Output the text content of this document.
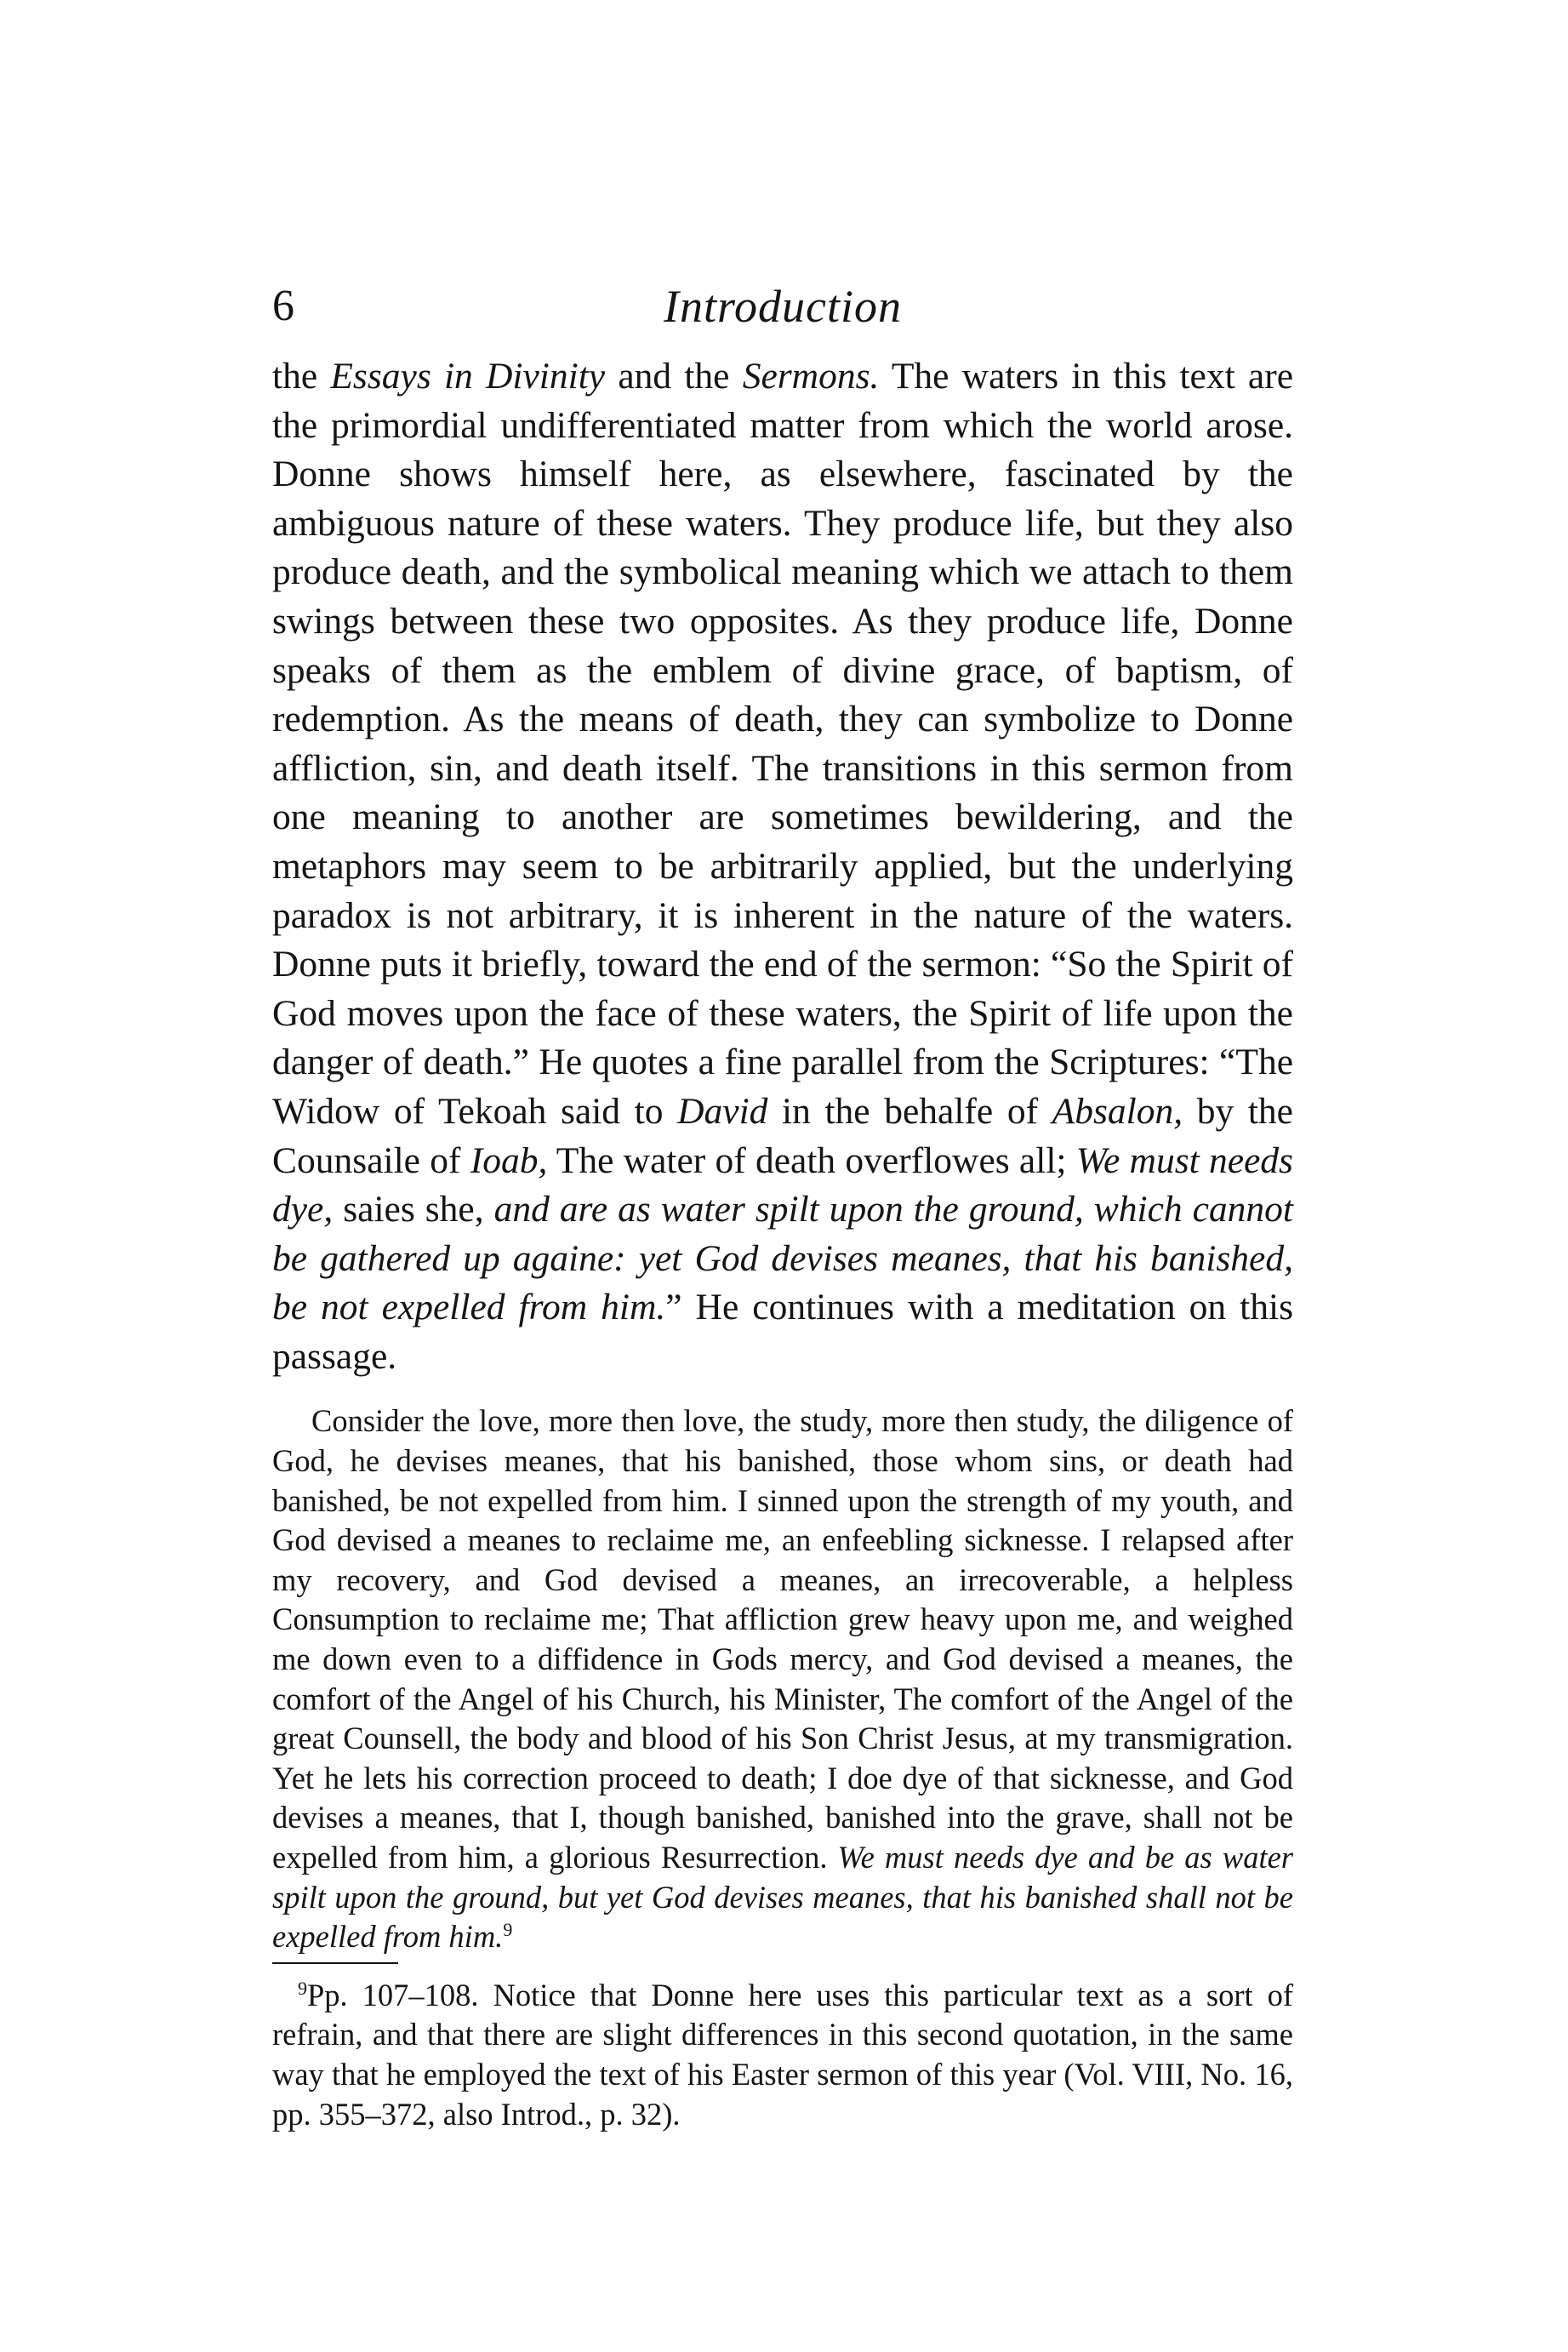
6	Introduction

the Essays in Divinity and the Sermons. The waters in this text are the primordial undifferentiated matter from which the world arose. Donne shows himself here, as elsewhere, fascinated by the ambiguous nature of these waters. They produce life, but they also produce death, and the symbolical meaning which we attach to them swings between these two opposites. As they produce life, Donne speaks of them as the emblem of divine grace, of baptism, of redemption. As the means of death, they can symbolize to Donne affliction, sin, and death itself. The transitions in this sermon from one meaning to another are sometimes bewildering, and the metaphors may seem to be arbitrarily applied, but the underlying paradox is not arbitrary, it is inherent in the nature of the waters. Donne puts it briefly, toward the end of the sermon: “So the Spirit of God moves upon the face of these waters, the Spirit of life upon the danger of death.” He quotes a fine parallel from the Scriptures: “The Widow of Tekoah said to David in the behalfe of Absalon, by the Counsaile of Ioab, The water of death overflowes all; We must needs dye, saies she, and are as water spilt upon the ground, which cannot be gathered up againe: yet God devises meanes, that his banished, be not expelled from him.” He continues with a meditation on this passage.

Consider the love, more then love, the study, more then study, the diligence of God, he devises meanes, that his banished, those whom sins, or death had banished, be not expelled from him. I sinned upon the strength of my youth, and God devised a meanes to reclaime me, an enfeebling sicknesse. I relapsed after my recovery, and God devised a meanes, an irrecoverable, a helpless Consumption to reclaime me; That affliction grew heavy upon me, and weighed me down even to a diffidence in Gods mercy, and God devised a meanes, the comfort of the Angel of his Church, his Minister, The comfort of the Angel of the great Counsell, the body and blood of his Son Christ Jesus, at my transmigration. Yet he lets his correction proceed to death; I doe dye of that sicknesse, and God devises a meanes, that I, though banished, banished into the grave, shall not be expelled from him, a glorious Resurrection. We must needs dye and be as water spilt upon the ground, but yet God devises meanes, that his banished shall not be expelled from him.$^9$

$^9$Pp. 107–108. Notice that Donne here uses this particular text as a sort of refrain, and that there are slight differences in this second quotation, in the same way that he employed the text of his Easter sermon of this year (Vol. VIII, No. 16, pp. 355–372, also Introd., p. 32).
